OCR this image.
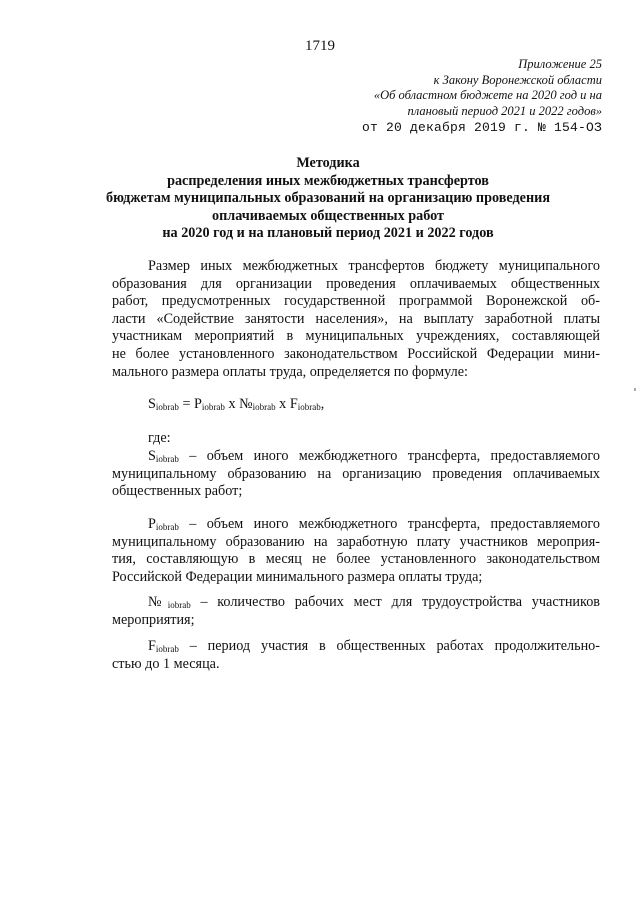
1719
Приложение 25
к Закону Воронежской области
«Об областном бюджете на 2020 год и на
плановый период 2021 и 2022 годов»
от 20 декабря 2019 г. № 154-ОЗ
Методика
распределения иных межбюджетных трансфертов
бюджетам муниципальных образований на организацию проведения
оплачиваемых общественных работ
на 2020 год и на плановый период 2021 и 2022 годов
Размер иных межбюджетных трансфертов бюджету муниципального
образования для организации проведения оплачиваемых общественных
работ, предусмотренных государственной программой Воронежской об-
ласти «Содействие занятости населения», на выплату заработной платы
участникам мероприятий в муниципальных учреждениях, составляющей
не более установленного законодательством Российской Федерации мини-
мального размера оплаты труда, определяется по формуле:
$S_{iobrab} = P_{iobrab}$ x $№_{iobrab}$ x $F_{iobrab}$,
где:
$S_{iobrab}$ – объем иного межбюджетного трансферта, предоставляемого
муниципальному образованию на организацию проведения оплачиваемых
общественных работ;
$P_{iobrab}$ – объем иного межбюджетного трансферта, предоставляемого
муниципальному образованию на заработную плату участников мероприя-
тия, составляющую в месяц не более установленного законодательством
Российской Федерации минимального размера оплаты труда;
$№_{iobrab}$ – количество рабочих мест для трудоустройства участников
мероприятия;
$F_{iobrab}$ – период участия в общественных работах продолжительно-
стью до 1 месяца.
